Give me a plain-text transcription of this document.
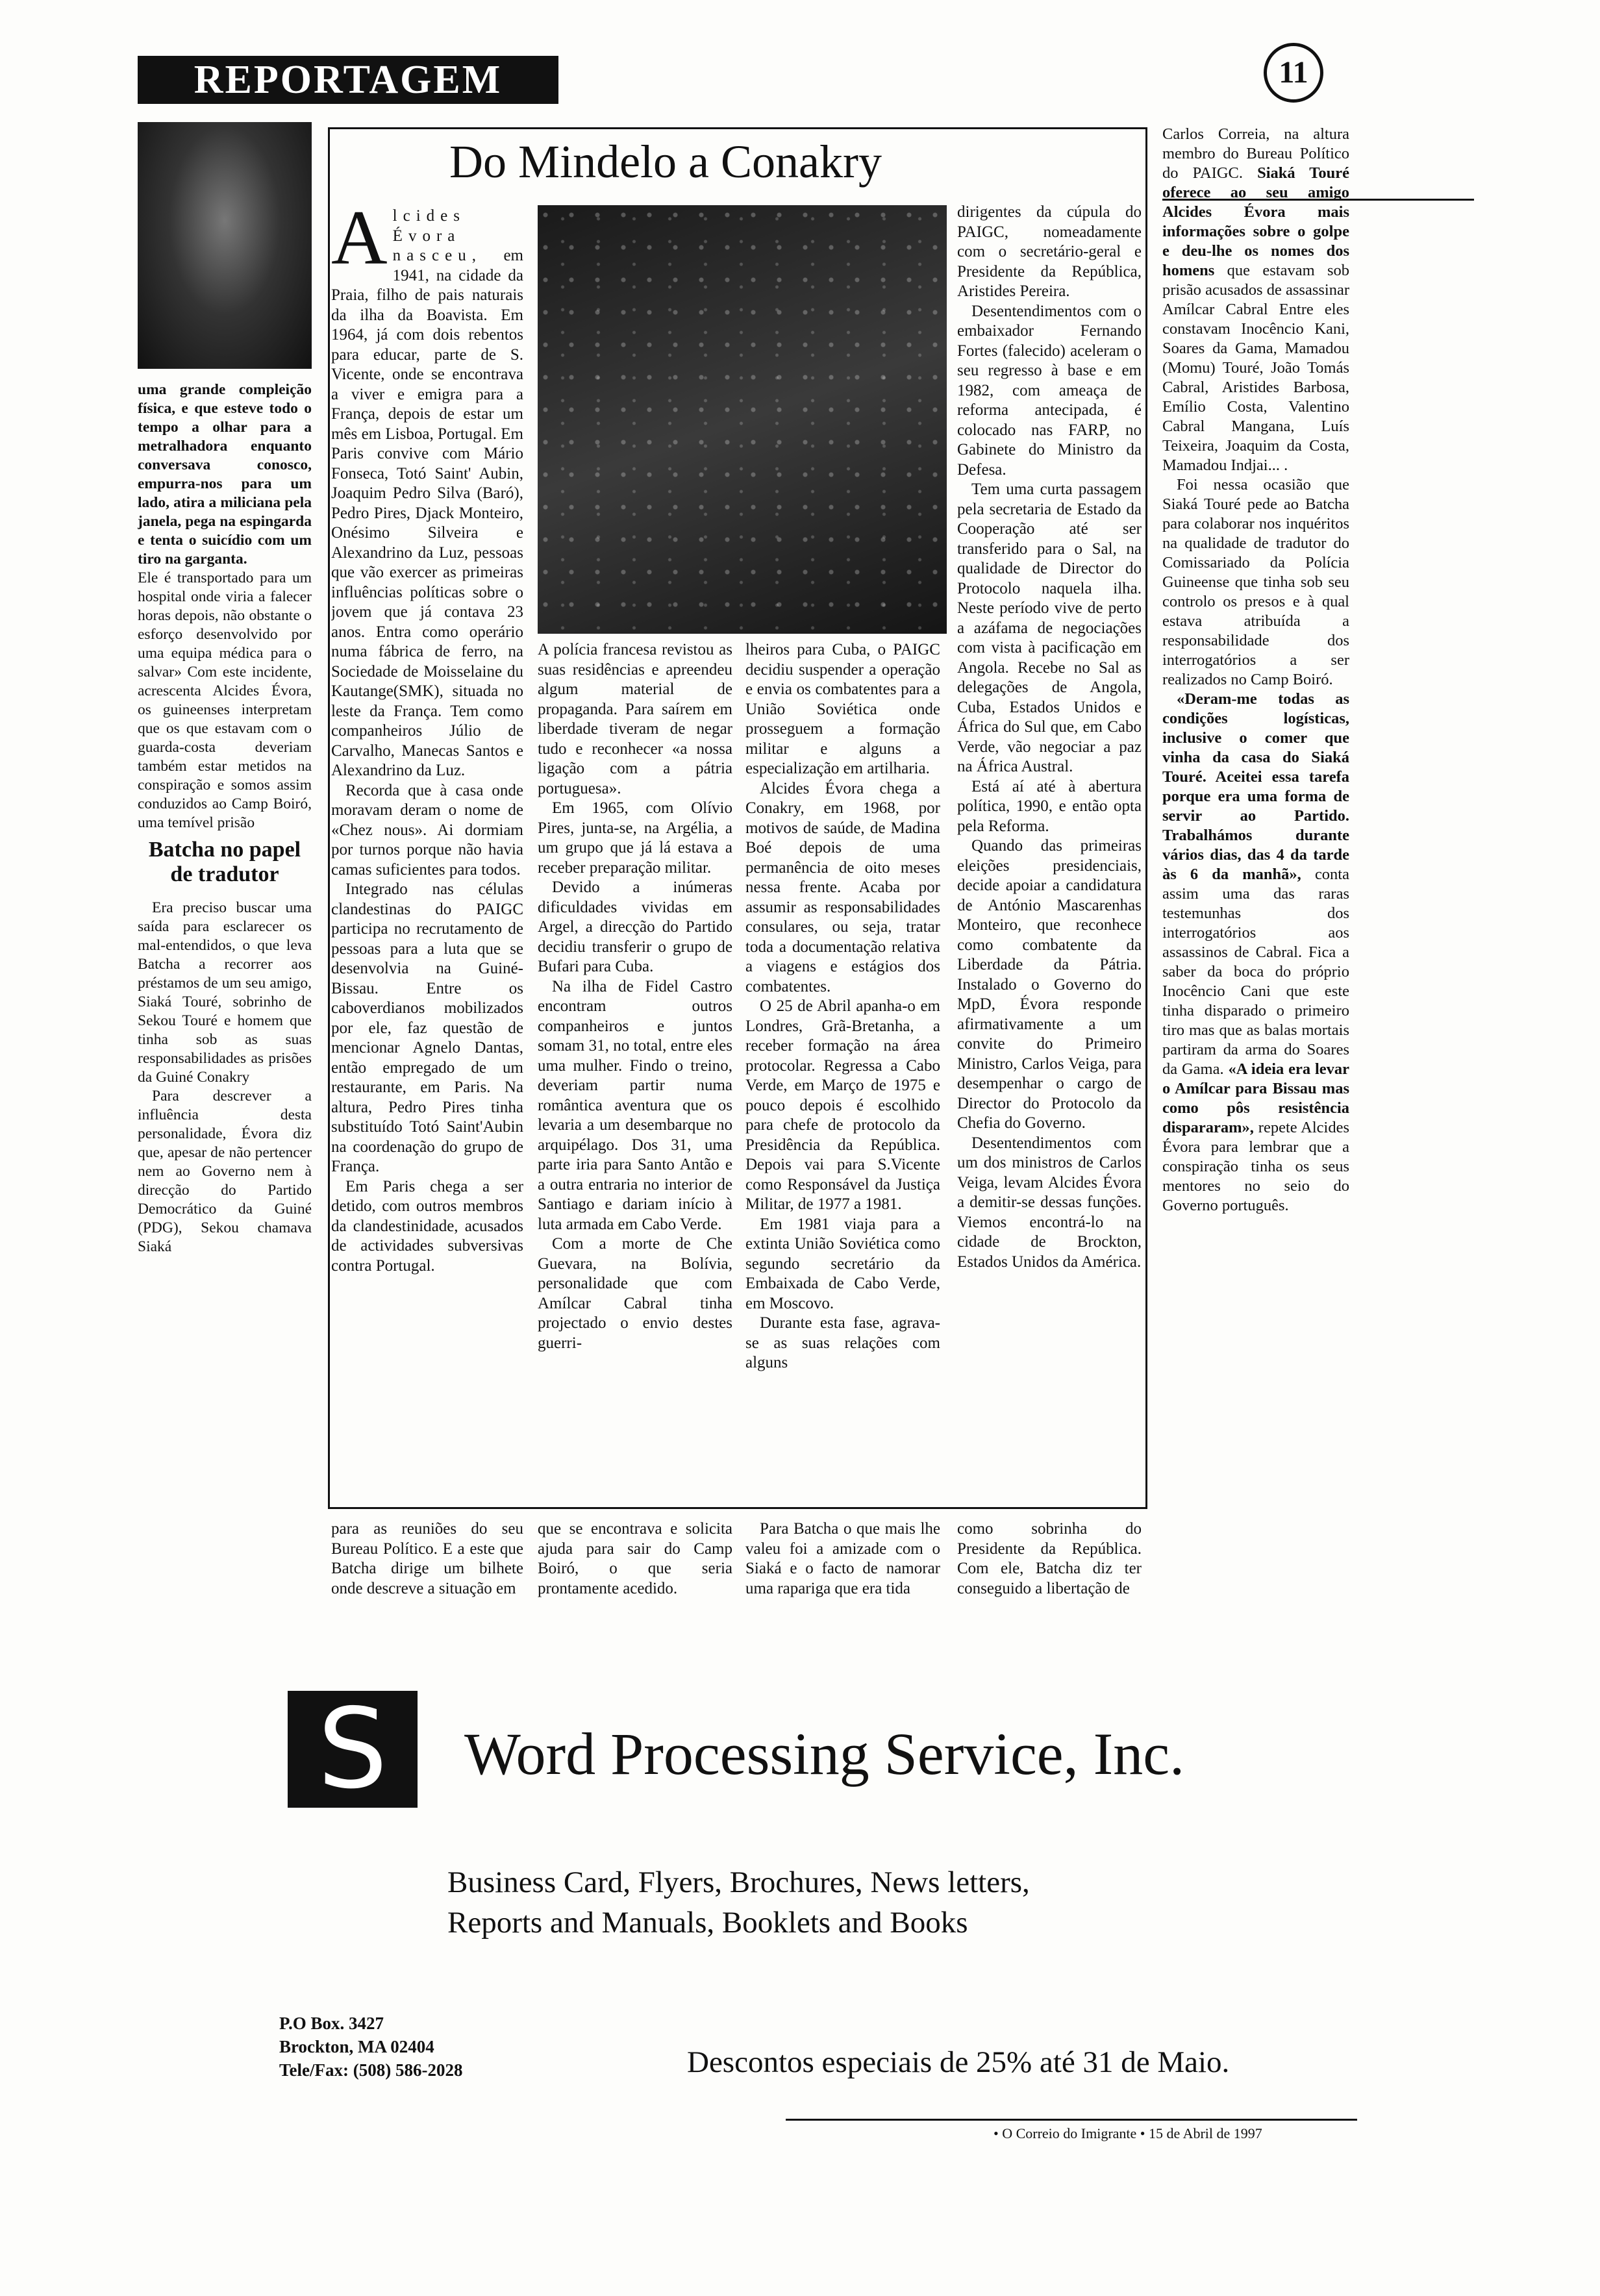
REPORTAGEM	11

uma grande compleição física, e que esteve todo o tempo a olhar para a metralhadora enquanto conversava conosco, empurra-nos para um lado, atira a miliciana pela janela, pega na espingarda e tenta o suicídio com um tiro na garganta.

Ele é transportado para um hospital onde viria a falecer horas depois, não obstante o esforço desenvolvido por uma equipa médica para o salvar» Com este incidente, acrescenta Alcides Évora, os guineenses interpretam que os que estavam com o guarda-costa deveriam também estar metidos na conspiração e somos assim conduzidos ao Camp Boiró, uma temível prisão

Batcha no papel de tradutor

Era preciso buscar uma saída para esclarecer os mal-entendidos, o que leva Batcha a recorrer aos préstamos de um seu amigo, Siaká Touré, sobrinho de Sekou Touré e homem que tinha sob as suas responsabilidades as prisões da Guiné Conakry

Para descrever a influência desta personalidade, Évora diz que, apesar de não pertencer nem ao Governo nem à direcção do Partido Democrático da Guiné (PDG), Sekou chamava Siaká

Do Mindelo a Conakry

Alcides Évora nasceu, em 1941, na cidade da Praia, filho de pais naturais da ilha da Boavista. Em 1964, já com dois rebentos para educar, parte de S. Vicente, onde se encontrava a viver e emigra para a França, depois de estar um mês em Lisboa, Portugal. Em Paris convive com Mário Fonseca, Totó Saint' Aubin, Joaquim Pedro Silva (Baró), Pedro Pires, Djack Monteiro, Onésimo Silveira e Alexandrino da Luz, pessoas que vão exercer as primeiras influências políticas sobre o jovem que já contava 23 anos. Entra como operário numa fábrica de ferro, na Sociedade de Moisselaine du Kautange(SMK), situada no leste da França. Tem como companheiros Júlio de Carvalho, Manecas Santos e Alexandrino da Luz.

Recorda que à casa onde moravam deram o nome de «Chez nous». Ai dormiam por turnos porque não havia camas suficientes para todos.

Integrado nas células clandestinas do PAIGC participa no recrutamento de pessoas para a luta que se desenvolvia na Guiné-Bissau. Entre os caboverdianos mobilizados por ele, faz questão de mencionar Agnelo Dantas, então empregado de um restaurante, em Paris. Na altura, Pedro Pires tinha substituído Totó Saint'Aubin na coordenação do grupo de França.

Em Paris chega a ser detido, com outros membros da clandestinidade, acusados de actividades subversivas contra Portugal.

A polícia francesa revistou as suas residências e apreendeu algum material de propaganda. Para saírem em liberdade tiveram de negar tudo e reconhecer «a nossa ligação com a pátria portuguesa».

Em 1965, com Olívio Pires, junta-se, na Argélia, a um grupo que já lá estava a receber preparação militar.

Devido a inúmeras dificuldades vividas em Argel, a direcção do Partido decidiu transferir o grupo de Bufari para Cuba.

Na ilha de Fidel Castro encontram outros companheiros e juntos somam 31, no total, entre eles uma mulher. Findo o treino, deveriam partir numa romântica aventura que os levaria a um desembarque no arquipélago. Dos 31, uma parte iria para Santo Antão e a outra entraria no interior de Santiago e dariam início à luta armada em Cabo Verde.

Com a morte de Che Guevara, na Bolívia, personalidade que com Amílcar Cabral tinha projectado o envio destes guerri-

lheiros para Cuba, o PAIGC decidiu suspender a operação e envia os combatentes para a União Soviética onde prosseguem a formação militar e alguns a especialização em artilharia.

Alcides Évora chega a Conakry, em 1968, por motivos de saúde, de Madina Boé depois de uma permanência de oito meses nessa frente. Acaba por assumir as responsabilidades consulares, ou seja, tratar toda a documentação relativa a viagens e estágios dos combatentes.

O 25 de Abril apanha-o em Londres, Grã-Bretanha, a receber formação na área protocolar. Regressa a Cabo Verde, em Março de 1975 e pouco depois é escolhido para chefe de protocolo da Presidência da República. Depois vai para S.Vicente como Responsável da Justiça Militar, de 1977 a 1981.

Em 1981 viaja para a extinta União Soviética como segundo secretário da Embaixada de Cabo Verde, em Moscovo.

Durante esta fase, agrava-se as suas relações com alguns

dirigentes da cúpula do PAIGC, nomeadamente com o secretário-geral e Presidente da República, Aristides Pereira.

Desentendimentos com o embaixador Fernando Fortes (falecido) aceleram o seu regresso à base e em 1982, com ameaça de reforma antecipada, é colocado nas FARP, no Gabinete do Ministro da Defesa.

Tem uma curta passagem pela secretaria de Estado da Cooperação até ser transferido para o Sal, na qualidade de Director do Protocolo naquela ilha. Neste período vive de perto a azáfama de negociações com vista à pacificação em Angola. Recebe no Sal as delegações de Angola, Cuba, Estados Unidos e África do Sul que, em Cabo Verde, vão negociar a paz na África Austral.

Está aí até à abertura política, 1990, e então opta pela Reforma.

Quando das primeiras eleições presidenciais, decide apoiar a candidatura de António Mascarenhas Monteiro, que reconhece como combatente da Liberdade da Pátria. Instalado o Governo do MpD, Évora responde afirmativamente a um convite do Primeiro Ministro, Carlos Veiga, para desempenhar o cargo de Director do Protocolo da Chefia do Governo.

Desentendimentos com um dos ministros de Carlos Veiga, levam Alcides Évora a demitir-se dessas funções. Viemos encontrá-lo na cidade de Brockton, Estados Unidos da América.

para as reuniões do seu Bureau Político. E a este que Batcha dirige um bilhete onde descreve a situação em

que se encontrava e solicita ajuda para sair do Camp Boiró, o que seria prontamente acedido.

Para Batcha o que mais lhe valeu foi a amizade com o Siaká e o facto de namorar uma rapariga que era tida

como sobrinha do Presidente da República. Com ele, Batcha diz ter conseguido a libertação de

Carlos Correia, na altura membro do Bureau Político do PAIGC. Siaká Touré oferece ao seu amigo Alcides Évora mais informações sobre o golpe e deu-lhe os nomes dos homens que estavam sob prisão acusados de assassinar Amílcar Cabral Entre eles constavam Inocêncio Kani, Soares da Gama, Mamadou (Momu) Touré, João Tomás Cabral, Aristides Barbosa, Emílio Costa, Valentino Cabral Mangana, Luís Teixeira, Joaquim da Costa, Mamadou Indjai... .

Foi nessa ocasião que Siaká Touré pede ao Batcha para colaborar nos inquéritos na qualidade de tradutor do Comissariado da Polícia Guineense que tinha sob seu controlo os presos e à qual estava atribuída a responsabilidade dos interrogatórios a ser realizados no Camp Boiró.

«Deram-me todas as condições logísticas, inclusive o comer que vinha da casa do Siaká Touré. Aceitei essa tarefa porque era uma forma de servir ao Partido. Trabalhámos durante vários dias, das 4 da tarde às 6 da manhã», conta assim uma das raras testemunhas dos interrogatórios aos assassinos de Cabral. Fica a saber da boca do próprio Inocêncio Cani que este tinha disparado o primeiro tiro mas que as balas mortais partiram da arma do Soares da Gama. «A ideia era levar o Amílcar para Bissau mas como pôs resistência dispararam», repete Alcides Évora para lembrar que a conspiração tinha os seus mentores no seio do Governo português.

S	Word Processing Service, Inc.
Business Card, Flyers, Brochures, News letters,
Reports and Manuals, Booklets and Books
P.O Box. 3427
Brockton, MA 02404
Tele/Fax: (508) 586-2028	Descontos especiais de 25% até 31 de Maio.
• O Correio do Imigrante • 15 de Abril de 1997
